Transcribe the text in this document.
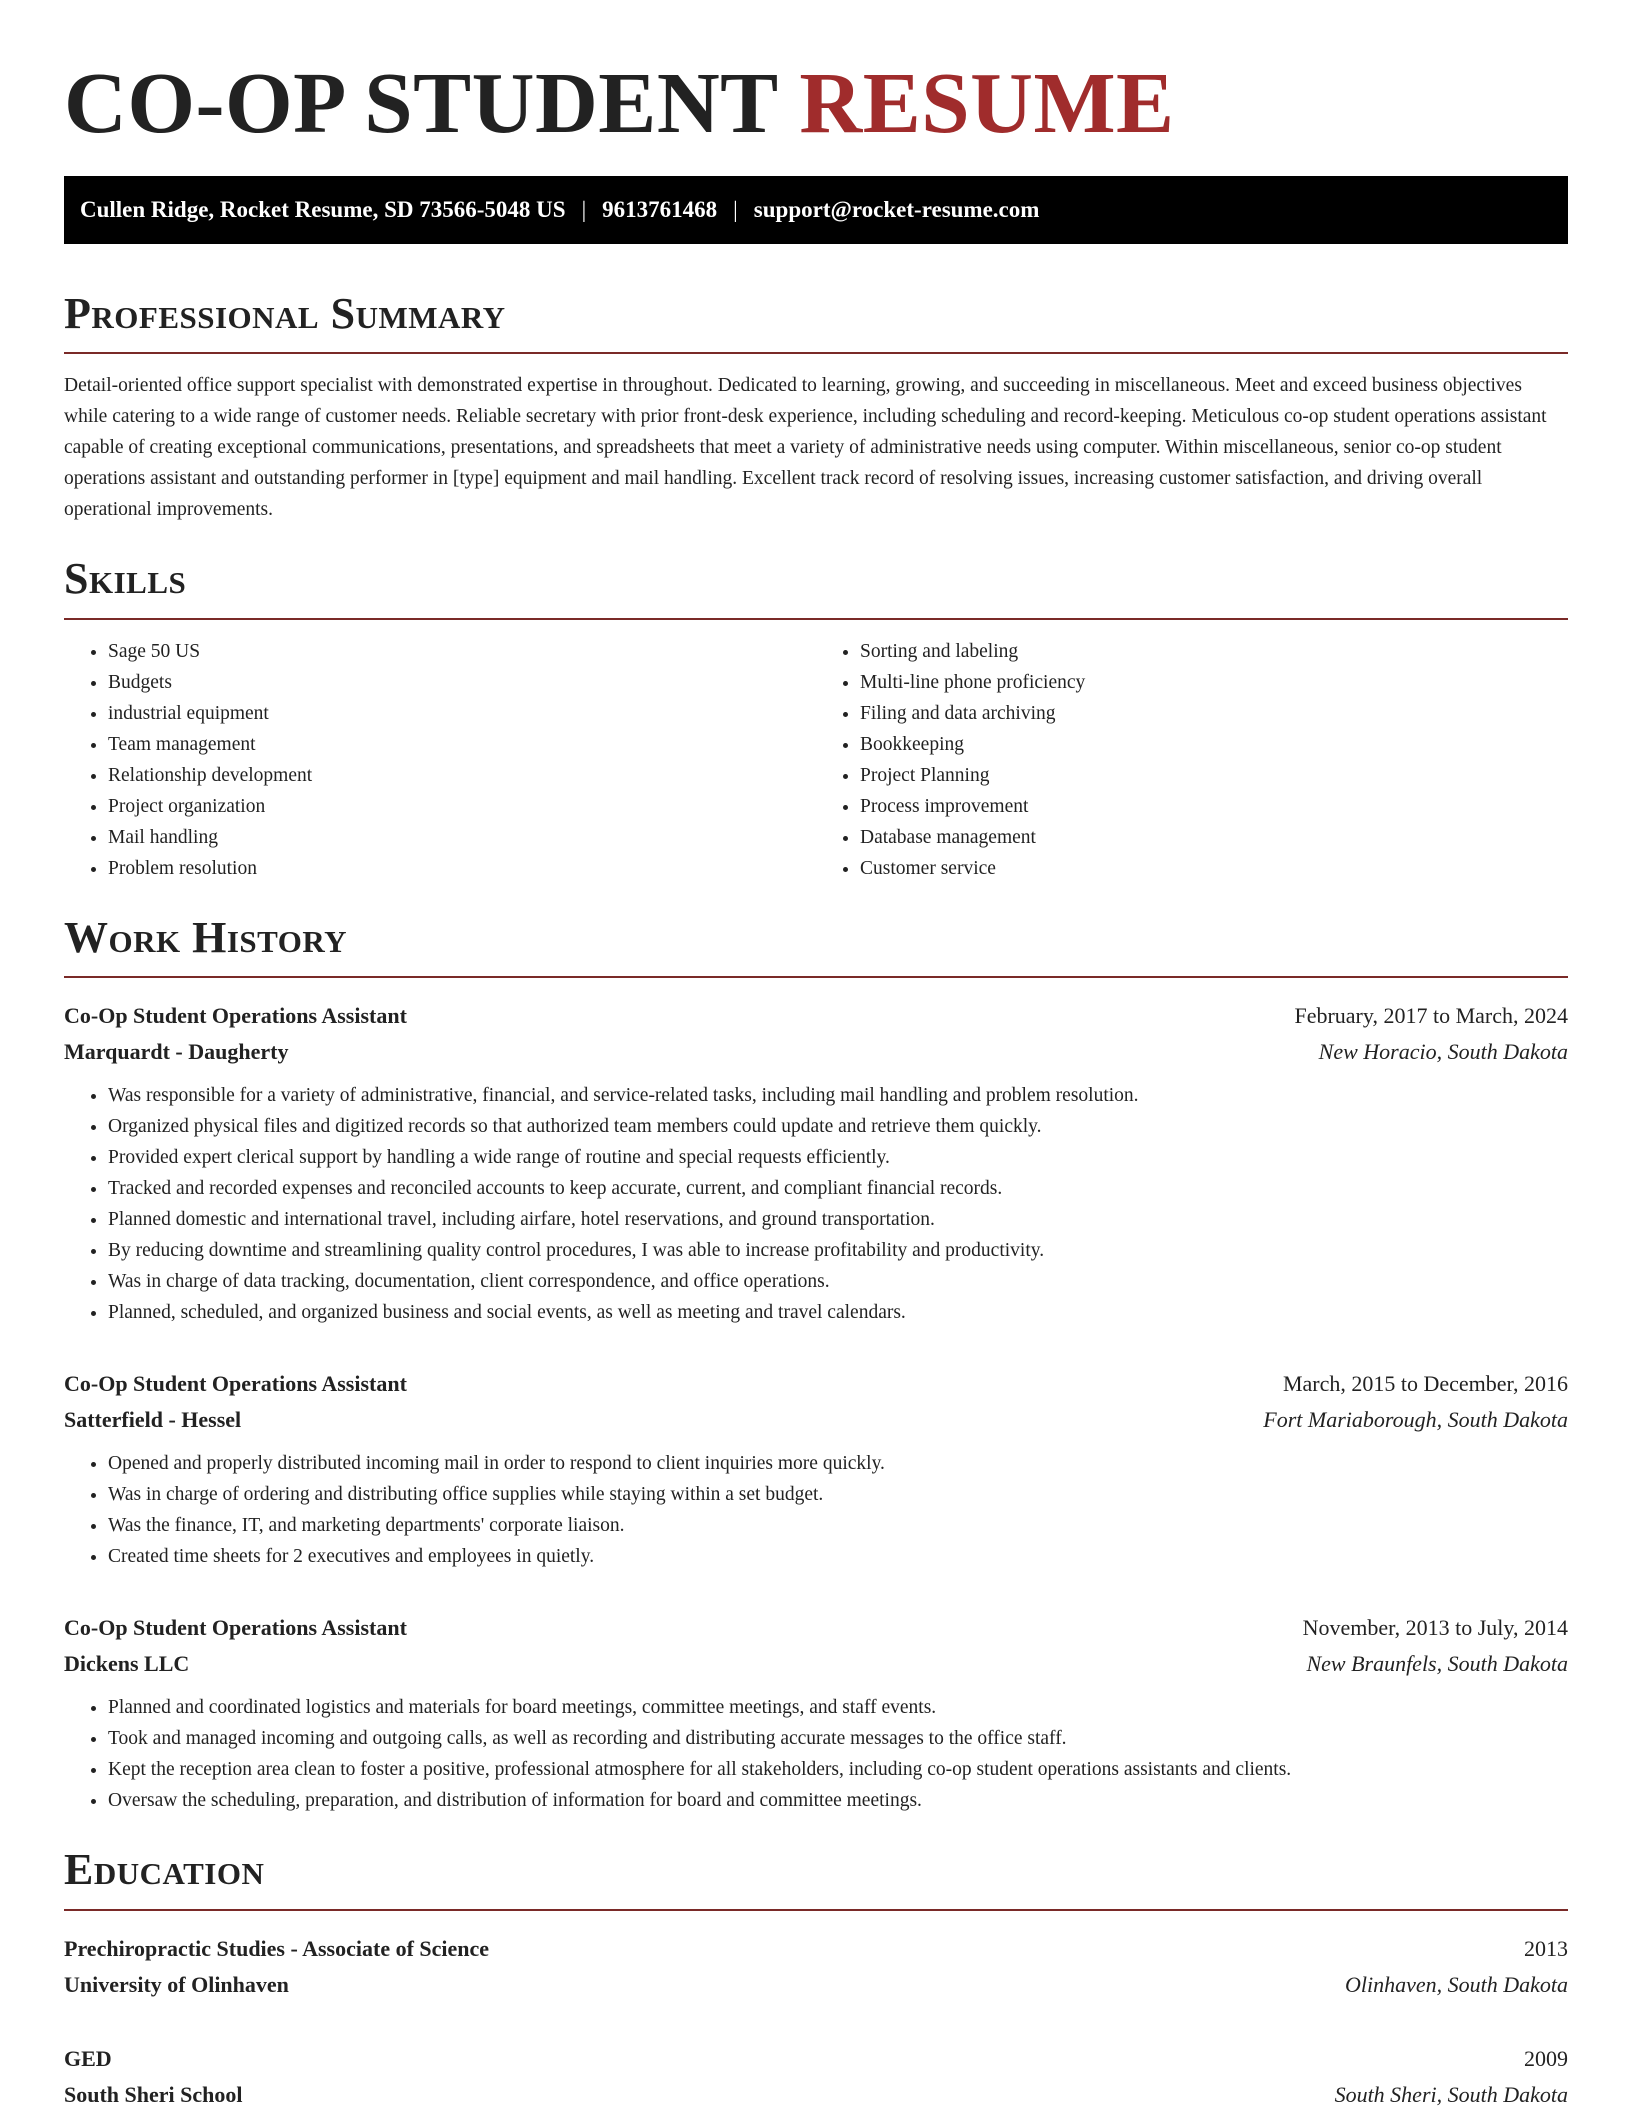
CO-OP STUDENT RESUME
Cullen Ridge, Rocket Resume, SD 73566-5048 US | 9613761468 | support@rocket-resume.com
Professional Summary

Detail-oriented office support specialist with demonstrated expertise in throughout. Dedicated to learning, growing, and succeeding in miscellaneous. Meet and exceed business objectives while catering to a wide range of customer needs. Reliable secretary with prior front-desk experience, including scheduling and record-keeping. Meticulous co-op student operations assistant capable of creating exceptional communications, presentations, and spreadsheets that meet a variety of administrative needs using computer. Within miscellaneous, senior co-op student operations assistant and outstanding performer in [type] equipment and mail handling. Excellent track record of resolving issues, increasing customer satisfaction, and driving overall operational improvements.

Skills
• Sage 50 US
• Budgets
• industrial equipment
• Team management
• Relationship development
• Project organization
• Mail handling
• Problem resolution
• Sorting and labeling
• Multi-line phone proficiency
• Filing and data archiving
• Bookkeeping
• Project Planning
• Process improvement
• Database management
• Customer service
Work History
Co-Op Student Operations Assistant	February, 2017 to March, 2024
Marquardt - Daugherty	New Horacio, South Dakota
• Was responsible for a variety of administrative, financial, and service-related tasks, including mail handling and problem resolution.
• Organized physical files and digitized records so that authorized team members could update and retrieve them quickly.
• Provided expert clerical support by handling a wide range of routine and special requests efficiently.
• Tracked and recorded expenses and reconciled accounts to keep accurate, current, and compliant financial records.
• Planned domestic and international travel, including airfare, hotel reservations, and ground transportation.
• By reducing downtime and streamlining quality control procedures, I was able to increase profitability and productivity.
• Was in charge of data tracking, documentation, client correspondence, and office operations.
• Planned, scheduled, and organized business and social events, as well as meeting and travel calendars.
Co-Op Student Operations Assistant	March, 2015 to December, 2016
Satterfield - Hessel	Fort Mariaborough, South Dakota
• Opened and properly distributed incoming mail in order to respond to client inquiries more quickly.
• Was in charge of ordering and distributing office supplies while staying within a set budget.
• Was the finance, IT, and marketing departments' corporate liaison.
• Created time sheets for 2 executives and employees in quietly.
Co-Op Student Operations Assistant	November, 2013 to July, 2014
Dickens LLC	New Braunfels, South Dakota
• Planned and coordinated logistics and materials for board meetings, committee meetings, and staff events.
• Took and managed incoming and outgoing calls, as well as recording and distributing accurate messages to the office staff.
• Kept the reception area clean to foster a positive, professional atmosphere for all stakeholders, including co-op student operations assistants and clients.
• Oversaw the scheduling, preparation, and distribution of information for board and committee meetings.
Education
Prechiropractic Studies - Associate of Science	2013
University of Olinhaven	Olinhaven, South Dakota
GED	2009
South Sheri School	South Sheri, South Dakota
